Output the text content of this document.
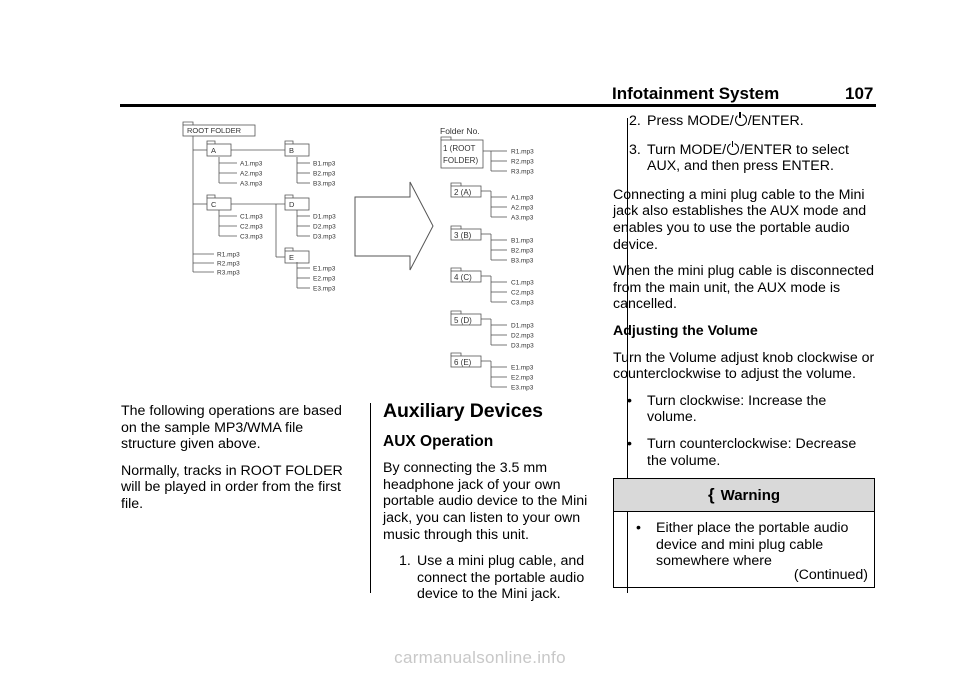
Infotainment System	107
ROOT FOLDER
A
A1.mp3
A2.mp3
A3.mp3
B
B1.mp3
B2.mp3
B3.mp3
C
C1.mp3
C2.mp3
C3.mp3
D
D1.mp3
D2.mp3
D3.mp3
E
E1.mp3
E2.mp3
E3.mp3
R1.mp3
R2.mp3
R3.mp3
Folder No.
1 (ROOT
FOLDER)
R1.mp3
R2.mp3
R3.mp3
2 (A)
A1.mp3
A2.mp3
A3.mp3
3 (B)
B1.mp3
B2.mp3
B3.mp3
4 (C)
C1.mp3
C2.mp3
C3.mp3
5 (D)
D1.mp3
D2.mp3
D3.mp3
6 (E)
E1.mp3
E2.mp3
E3.mp3

The following operations are based on the sample MP3/WMA file structure given above.

Normally, tracks in ROOT FOLDER will be played in order from the first file.

Auxiliary Devices
AUX Operation

By connecting the 3.5 mm headphone jack of your own portable audio device to the Mini jack, you can listen to your own music through this unit.

1. Use a mini plug cable, and connect the portable audio device to the Mini jack.
2. Press MODE/ /ENTER.
3. Turn MODE/ /ENTER to select AUX, and then press ENTER.

Connecting a mini plug cable to the Mini jack also establishes the AUX mode and enables you to use the portable audio device.

When the mini plug cable is disconnected from the main unit, the AUX mode is cancelled.

Adjusting the Volume

Turn the Volume adjust knob clockwise or counterclockwise to adjust the volume.

• Turn clockwise: Increase the volume.
• Turn counterclockwise: Decrease the volume.
{ Warning
• Either place the portable audio device and mini plug cable somewhere where
(Continued)
carmanualsonline.info
